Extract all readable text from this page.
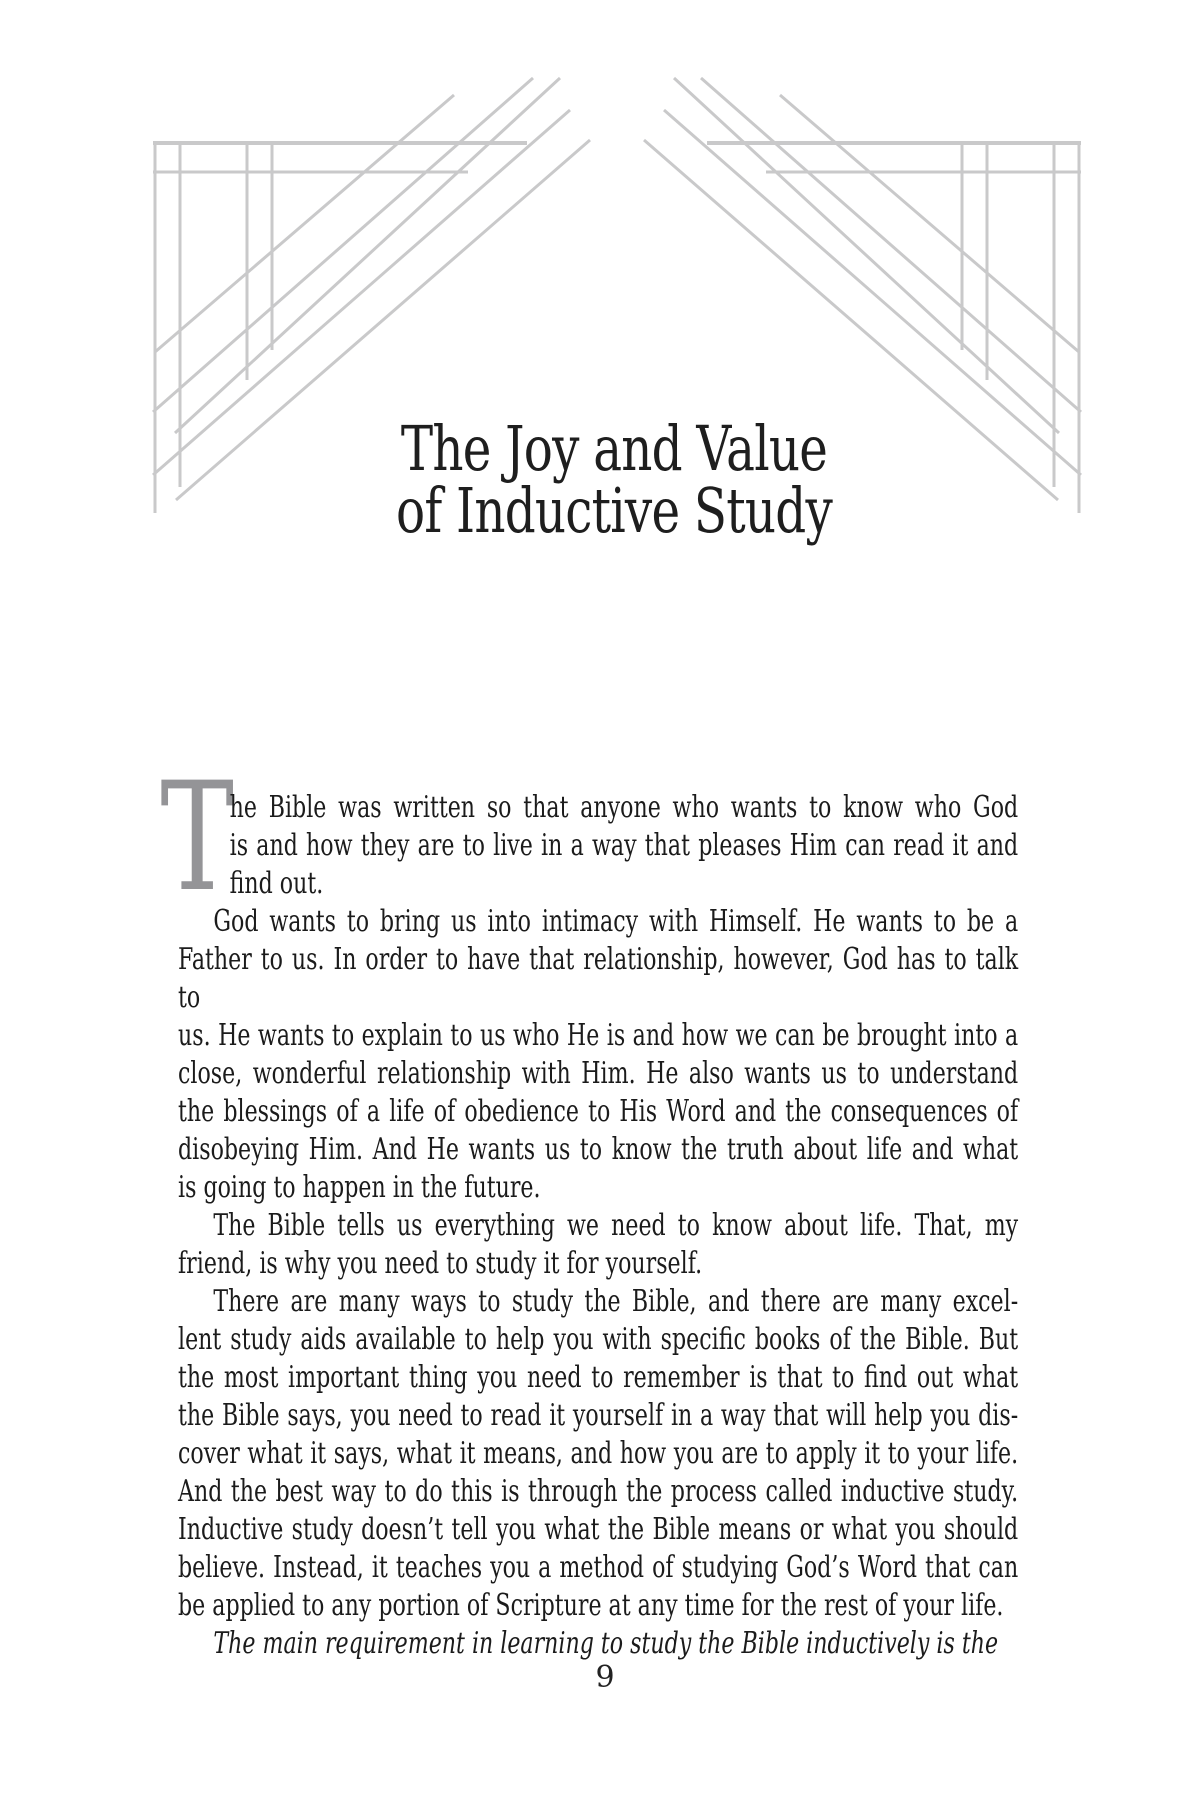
The Joy and Value
of Inductive Study
T
he Bible was written so that anyone who wants to know who God
is and how they are to live in a way that pleases Him can read it and
find out.
God wants to bring us into intimacy with Himself. He wants to be a
Father to us. In order to have that relationship, however, God has to talk to
us. He wants to explain to us who He is and how we can be brought into a
close, wonderful relationship with Him. He also wants us to understand
the blessings of a life of obedience to His Word and the consequences of
disobeying Him. And He wants us to know the truth about life and what
is going to happen in the future.
The Bible tells us everything we need to know about life. That, my
friend, is why you need to study it for yourself.
There are many ways to study the Bible, and there are many excel-
lent study aids available to help you with specific books of the Bible. But
the most important thing you need to remember is that to find out what
the Bible says, you need to read it yourself in a way that will help you dis-
cover what it says, what it means, and how you are to apply it to your life.
And the best way to do this is through the process called inductive study.
Inductive study doesn’t tell you what the Bible means or what you should
believe. Instead, it teaches you a method of studying God’s Word that can
be applied to any portion of Scripture at any time for the rest of your life.
The main requirement in learning to study the Bible inductively is the
9
